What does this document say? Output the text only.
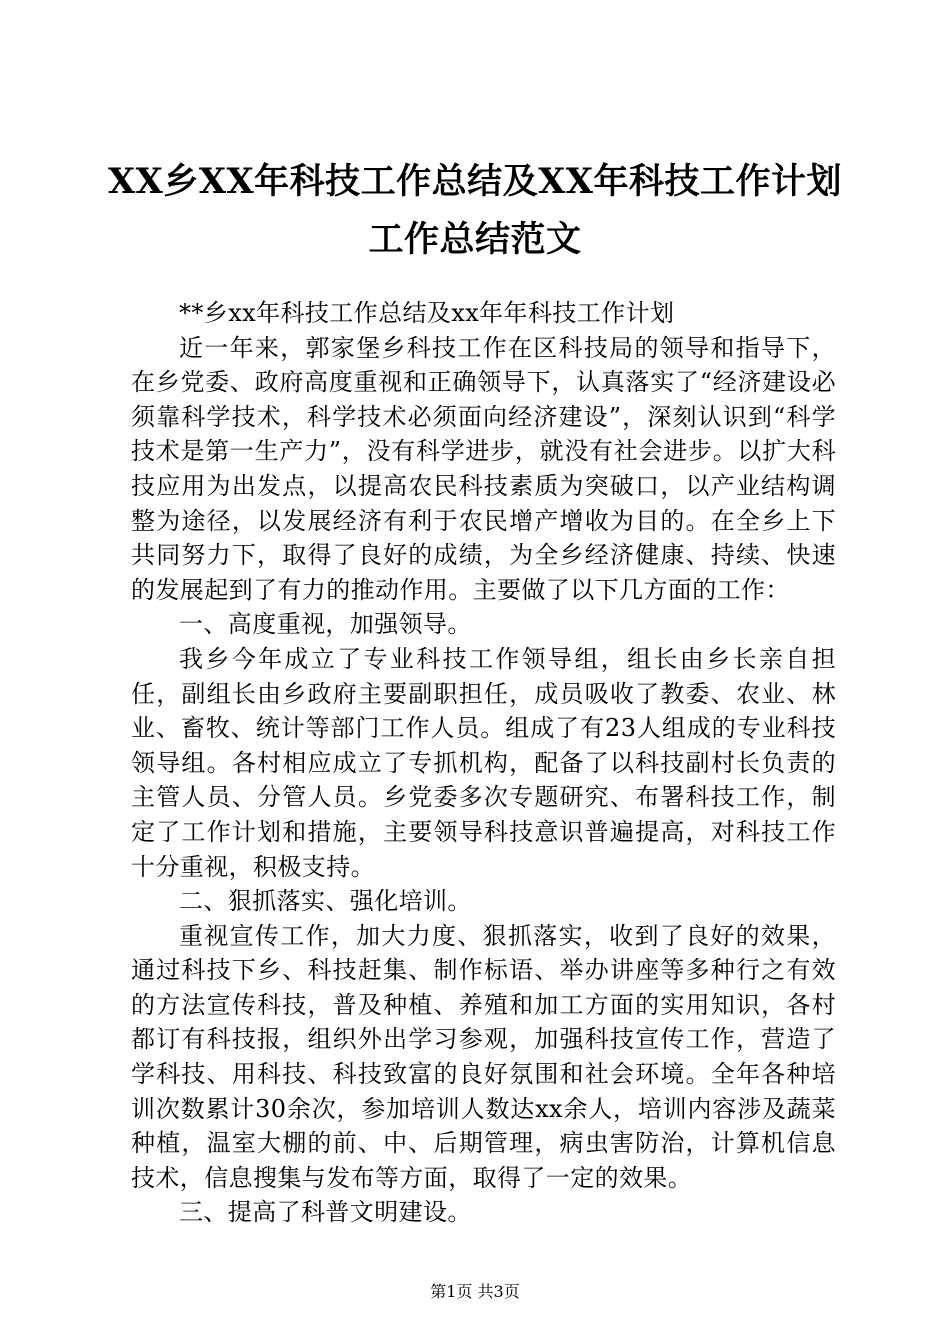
XX乡XX年科技工作总结及XX年科技工作计划
工作总结范文

**乡xx年科技工作总结及xx年年科技工作计划

近一年来，郭家堡乡科技工作在区科技局的领导和指导下，在乡党委、政府高度重视和正确领导下，认真落实了“经济建设必须靠科学技术，科学技术必须面向经济建设”，深刻认识到“科学技术是第一生产力”，没有科学进步，就没有社会进步。以扩大科技应用为出发点，以提高农民科技素质为突破口，以产业结构调整为途径，以发展经济有利于农民增产增收为目的。在全乡上下共同努力下，取得了良好的成绩，为全乡经济健康、持续、快速的发展起到了有力的推动作用。主要做了以下几方面的工作：

一、高度重视，加强领导。

我乡今年成立了专业科技工作领导组，组长由乡长亲自担任，副组长由乡政府主要副职担任，成员吸收了教委、农业、林业、畜牧、统计等部门工作人员。组成了有23人组成的专业科技领导组。各村相应成立了专抓机构，配备了以科技副村长负责的主管人员、分管人员。乡党委多次专题研究、布署科技工作，制定了工作计划和措施，主要领导科技意识普遍提高，对科技工作十分重视，积极支持。

二、狠抓落实、强化培训。

重视宣传工作，加大力度、狠抓落实，收到了良好的效果，通过科技下乡、科技赶集、制作标语、举办讲座等多种行之有效的方法宣传科技，普及种植、养殖和加工方面的实用知识，各村都订有科技报，组织外出学习参观，加强科技宣传工作，营造了学科技、用科技、科技致富的良好氛围和社会环境。全年各种培训次数累计30余次，参加培训人数达xx余人，培训内容涉及蔬菜种植，温室大棚的前、中、后期管理，病虫害防治，计算机信息技术，信息搜集与发布等方面，取得了一定的效果。

三、提高了科普文明建设。

第1页 共3页
